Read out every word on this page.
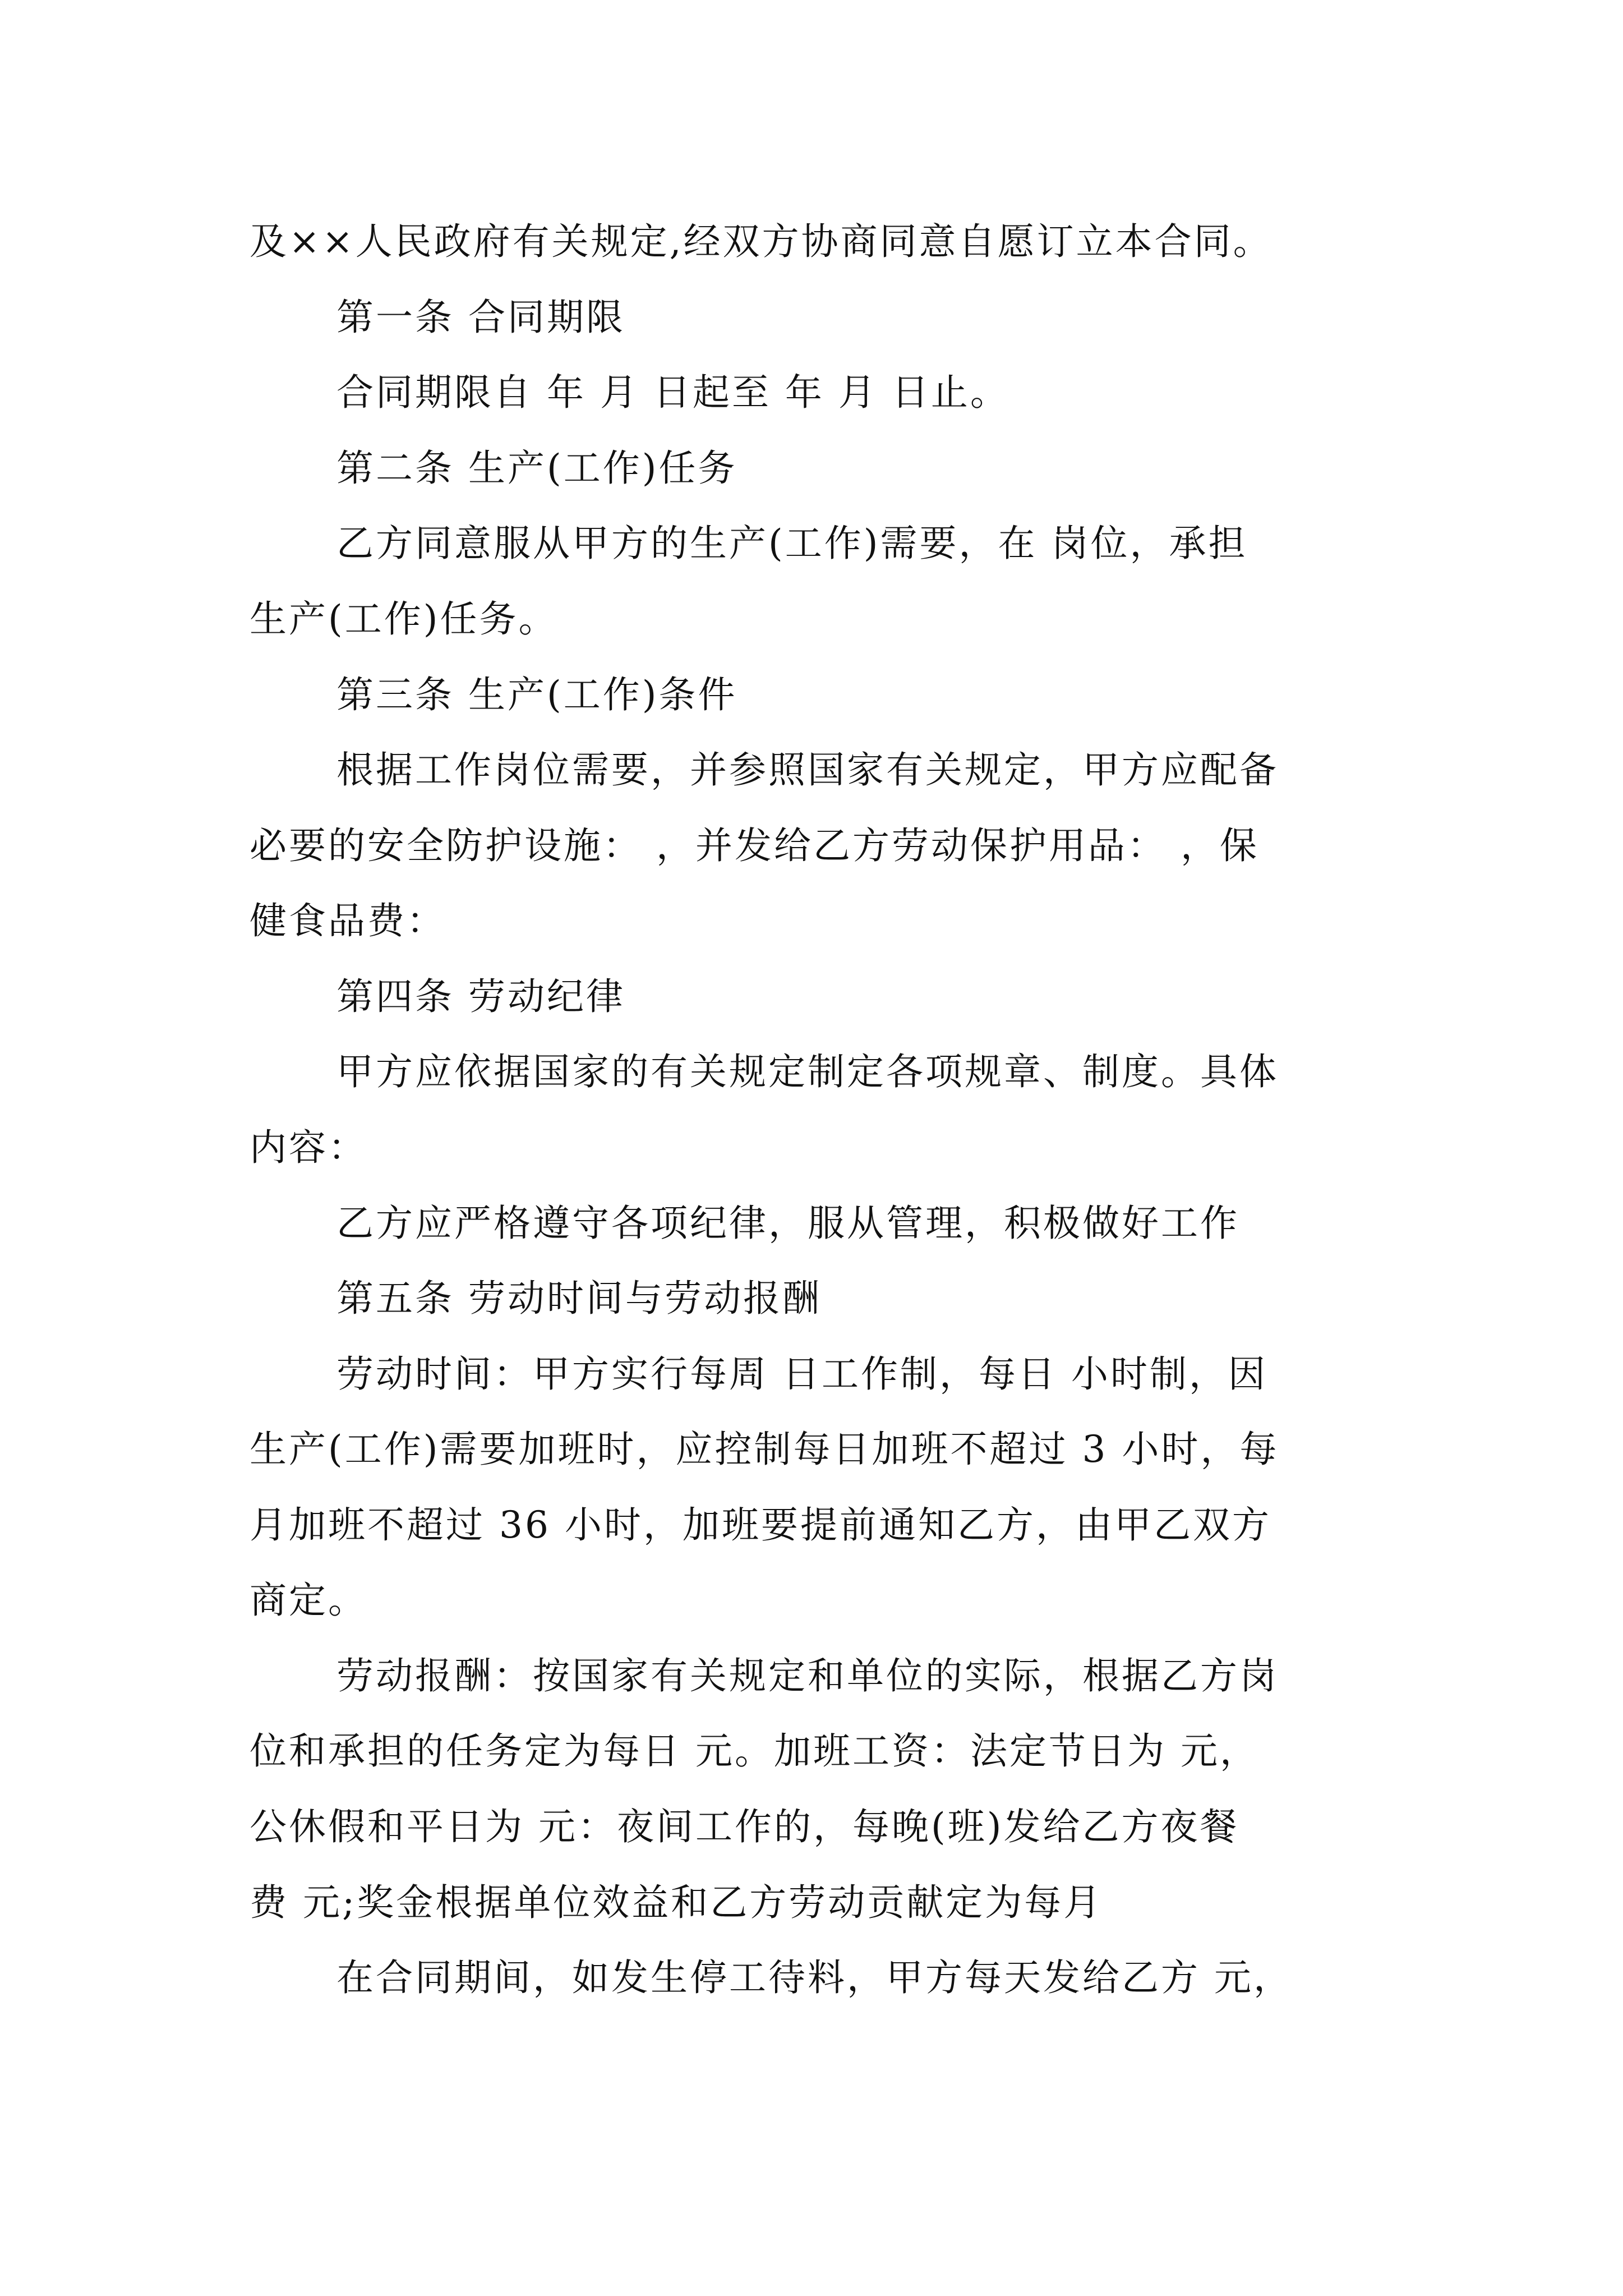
及××人民政府有关规定,经双方协商同意自愿订立本合同。
第一条 合同期限
合同期限自 年 月 日起至 年 月 日止。
第二条 生产(工作)任务
乙方同意服从甲方的生产(工作)需要，在 岗位，承担
生产(工作)任务。
第三条 生产(工作)条件
根据工作岗位需要，并参照国家有关规定，甲方应配备
必要的安全防护设施： ，并发给乙方劳动保护用品： ，保
健食品费：
第四条 劳动纪律
甲方应依据国家的有关规定制定各项规章、制度。具体
内容：
乙方应严格遵守各项纪律，服从管理，积极做好工作
第五条 劳动时间与劳动报酬
劳动时间：甲方实行每周 日工作制，每日 小时制，因
生产(工作)需要加班时，应控制每日加班不超过 3 小时，每
月加班不超过 36 小时，加班要提前通知乙方，由甲乙双方
商定。
劳动报酬：按国家有关规定和单位的实际，根据乙方岗
位和承担的任务定为每日 元。加班工资：法定节日为 元，
公休假和平日为 元：夜间工作的，每晚(班)发给乙方夜餐
费 元;奖金根据单位效益和乙方劳动贡献定为每月
在合同期间，如发生停工待料，甲方每天发给乙方 元，
